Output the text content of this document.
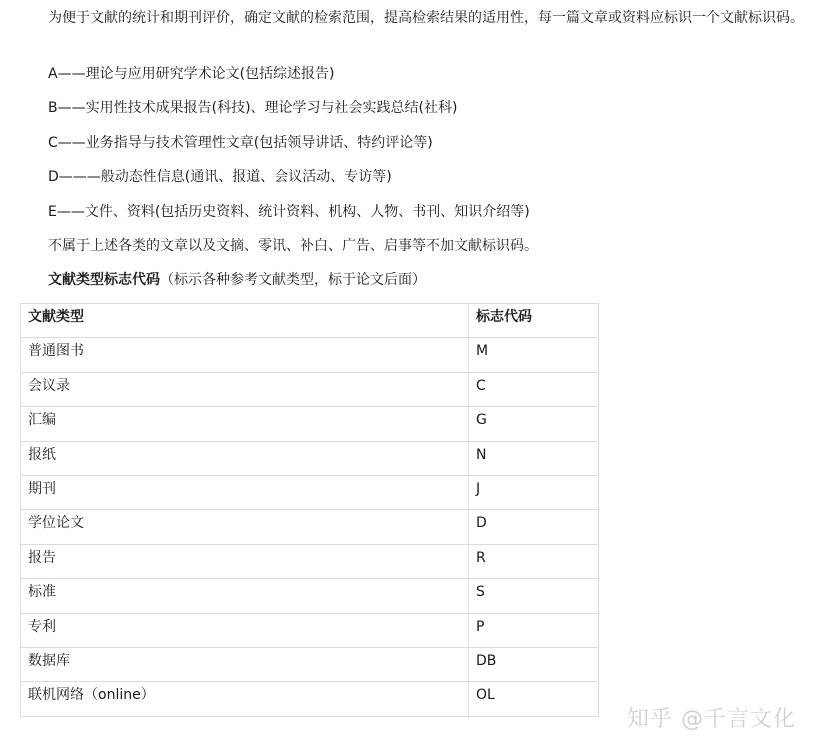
为便于文献的统计和期刊评价，确定文献的检索范围，提高检索结果的适用性，每一篇文章或资料应标识一个文献标识码。

A——理论与应用研究学术论文(包括综述报告)

B——实用性技术成果报告(科技)、理论学习与社会实践总结(社科)

C——业务指导与技术管理性文章(包括领导讲话、特约评论等)

D———般动态性信息(通讯、报道、会议活动、专访等)

E——文件、资料(包括历史资料、统计资料、机构、人物、书刊、知识介绍等)

不属于上述各类的文章以及文摘、零讯、补白、广告、启事等不加文献标识码。

文献类型标志代码（标示各种参考文献类型，标于论文后面）

文献类型	标志代码
普通图书	M
会议录	C
汇编	G
报纸	N
期刊	J
学位论文	D
报告	R
标准	S
专利	P
数据库	DB
联机网络（online）	OL
知乎 @千言文化
